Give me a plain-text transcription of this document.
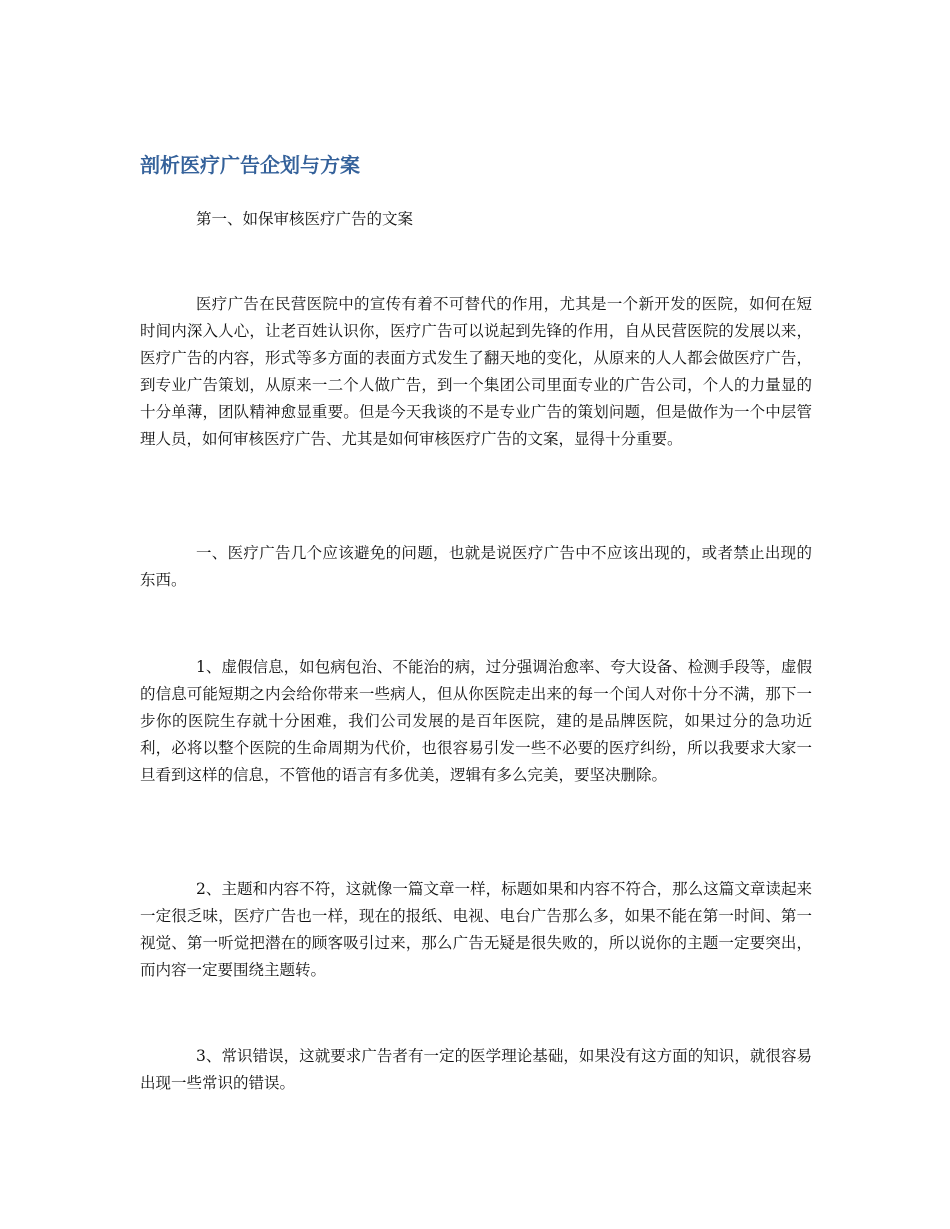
剖析医疗广告企划与方案

第一、如保审核医疗广告的文案

医疗广告在民营医院中的宣传有着不可替代的作用，尤其是一个新开发的医院，如何在短时间内深入人心，让老百姓认识你，医疗广告可以说起到先锋的作用，自从民营医院的发展以来，医疗广告的内容，形式等多方面的表面方式发生了翻天地的变化，从原来的人人都会做医疗广告，到专业广告策划，从原来一二个人做广告，到一个集团公司里面专业的广告公司，个人的力量显的十分单薄，团队精神愈显重要。但是今天我谈的不是专业广告的策划问题，但是做作为一个中层管理人员，如何审核医疗广告、尤其是如何审核医疗广告的文案，显得十分重要。

一、医疗广告几个应该避免的问题，也就是说医疗广告中不应该出现的，或者禁止出现的东西。

1、虚假信息，如包病包治、不能治的病，过分强调治愈率、夸大设备、检测手段等，虚假的信息可能短期之内会给你带来一些病人，但从你医院走出来的每一个闰人对你十分不满，那下一步你的医院生存就十分困难，我们公司发展的是百年医院，建的是品牌医院，如果过分的急功近利，必将以整个医院的生命周期为代价，也很容易引发一些不必要的医疗纠纷，所以我要求大家一旦看到这样的信息，不管他的语言有多优美，逻辑有多么完美，要坚决删除。

2、主题和内容不符，这就像一篇文章一样，标题如果和内容不符合，那么这篇文章读起来一定很乏味，医疗广告也一样，现在的报纸、电视、电台广告那么多，如果不能在第一时间、第一视觉、第一听觉把潜在的顾客吸引过来，那么广告无疑是很失败的，所以说你的主题一定要突出，而内容一定要围绕主题转。

3、常识错误，这就要求广告者有一定的医学理论基础，如果没有这方面的知识，就很容易出现一些常识的错误。
